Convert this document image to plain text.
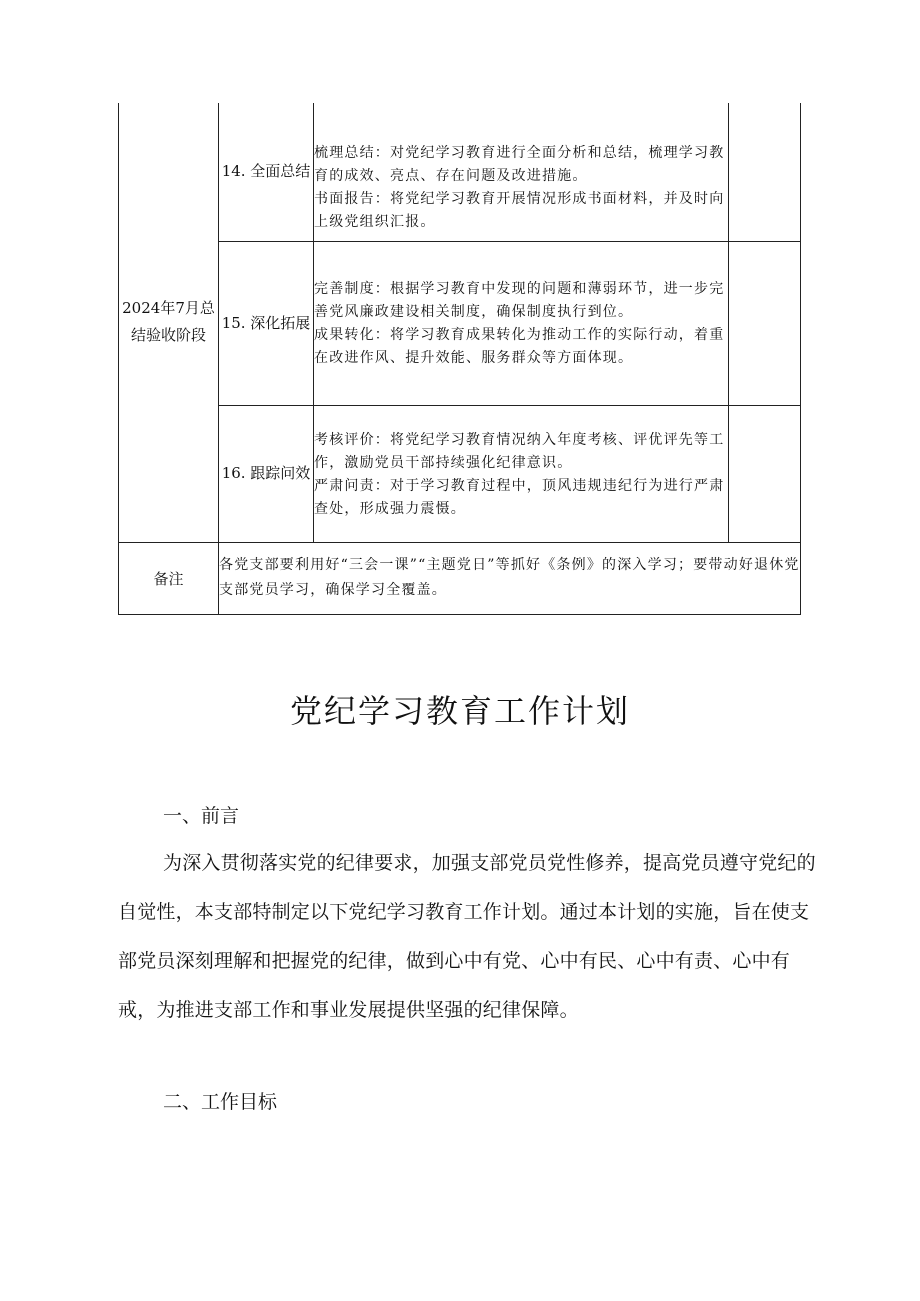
2024年7月总结验收阶段	14. 全面总结	梳理总结：对党纪学习教育进行全面分析和总结，梳理学习教育的成效、亮点、存在问题及改进措施。

书面报告：将党纪学习教育开展情况形成书面材料，并及时向上级党组织汇报。	

	15. 深化拓展	完善制度：根据学习教育中发现的问题和薄弱环节，进一步完善党风廉政建设相关制度，确保制度执行到位。

成果转化：将学习教育成果转化为推动工作的实际行动，着重在改进作风、提升效能、服务群众等方面体现。	

	16. 跟踪问效	考核评价：将党纪学习教育情况纳入年度考核、评优评先等工作，激励党员干部持续强化纪律意识。

严肃问责：对于学习教育过程中，顶风违规违纪行为进行严肃查处，形成强力震慑。	

备注	各党支部要利用好“三会一课”“主题党日”等抓好《条例》的深入学习；要带动好退休党支部党员学习，确保学习全覆盖。		
党纪学习教育工作计划

一、前言

为深入贯彻落实党的纪律要求，加强支部党员党性修养，提高党员遵守党纪的自觉性，本支部特制定以下党纪学习教育工作计划。通过本计划的实施，旨在使支部党员深刻理解和把握党的纪律，做到心中有党、心中有民、心中有责、心中有戒，为推进支部工作和事业发展提供坚强的纪律保障。

二、工作目标
